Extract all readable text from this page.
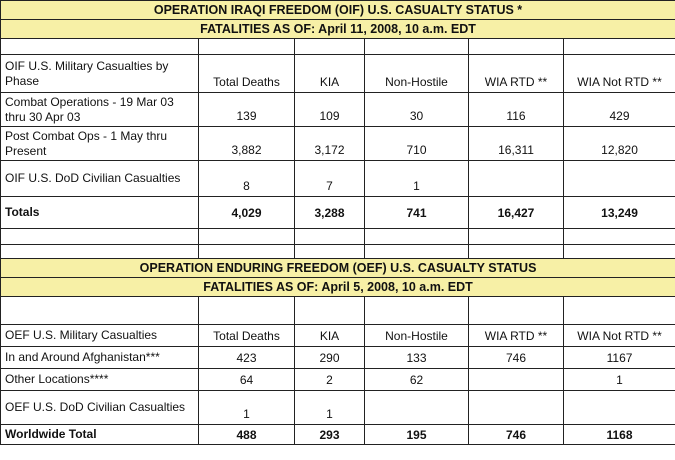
OPERATION IRAQI FREEDOM (OIF) U.S. CASUALTY STATUS *					
FATALITIES AS OF: April 11, 2008, 10 a.m. EDT					

OIF U.S. Military Casualties by Phase	Total Deaths	KIA	Non-Hostile	WIA RTD **	WIA Not RTD **
Combat Operations - 19 Mar 03 thru 30 Apr 03	139	109	30	116	429
Post Combat Ops - 1 May thru Present	3,882	3,172	710	16,311	12,820
OIF U.S. DoD Civilian Casualties	8	7	1		
Totals	4,029	3,288	741	16,427	13,249

OPERATION ENDURING FREEDOM (OEF) U.S. CASUALTY STATUS					
FATALITIES AS OF: April 5, 2008, 10 a.m. EDT					

OEF U.S. Military Casualties	Total Deaths	KIA	Non-Hostile	WIA RTD **	WIA Not RTD **
In and Around Afghanistan***	423	290	133	746	1167
Other Locations****	64	2	62		1
OEF U.S. DoD Civilian Casualties	1	1			
Worldwide Total	488	293	195	746	1168
